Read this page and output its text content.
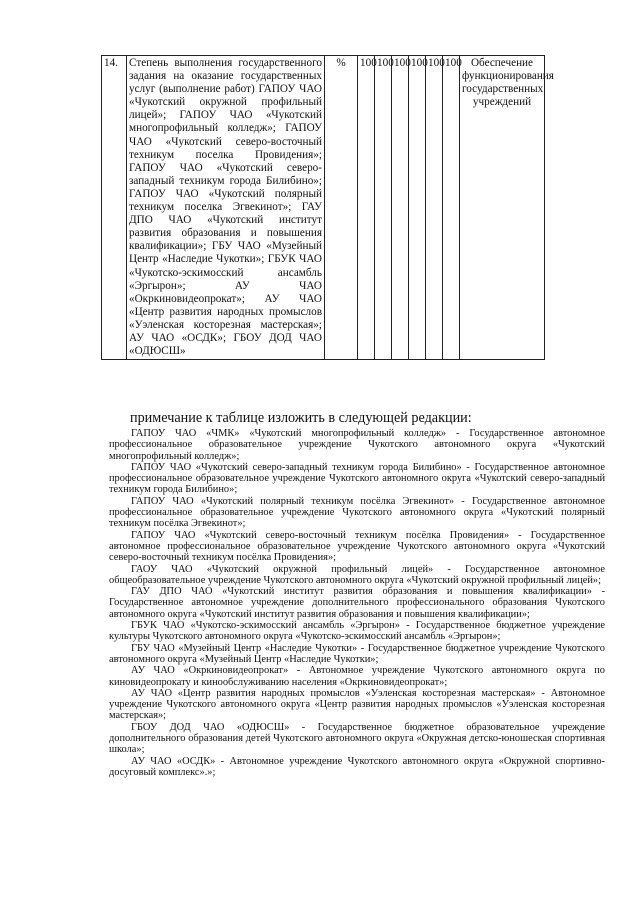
14.	Степень выполнения государственного задания на оказание государственных услуг (выполнение работ) ГАПОУ ЧАО «Чукотский окружной профильный лицей»; ГАПОУ ЧАО «Чукотский многопрофильный колледж»; ГАПОУ ЧАО «Чукотский северо-восточный техникум поселка Провидения»; ГАПОУ ЧАО «Чукотский северо-западный техникум города Билибино»; ГАПОУ ЧАО «Чукотский полярный техникум поселка Эгвекинот»; ГАУ ДПО ЧАО «Чукотский институт развития образования и повышения квалификации»; ГБУ ЧАО «Музейный Центр «Наследие Чукотки»; ГБУК ЧАО «Чукотско-эскимосский ансамбль «Эргырон»; АУ ЧАО «Окркиновидеопрокат»; АУ ЧАО «Центр развития народных промыслов «Уэленская косторезная мастерская»; АУ ЧАО «ОСДК»; ГБОУ ДОД ЧАО «ОДЮСШ»	%	100	100	100	100	100	100	Обеспечение функционирования государственных учреждений
примечание к таблице изложить в следующей редакции:

ГАПОУ ЧАО «ЧМК» «Чукотский многопрофильный колледж» - Государственное автономное профессиональное образовательное учреждение Чукотского автономного округа «Чукотский многопрофильный колледж»;

ГАПОУ ЧАО «Чукотский северо-западный техникум города Билибино» - Государственное автономное профессиональное образовательное учреждение Чукотского автономного округа «Чукотский северо-западный техникум города Билибино»;

ГАПОУ ЧАО «Чукотский полярный техникум посёлка Эгвекинот» - Государственное автономное профессиональное образовательное учреждение Чукотского автономного округа «Чукотский полярный техникум посёлка Эгвекинот»;

ГАПОУ ЧАО «Чукотский северо-восточный техникум посёлка Провидения» - Государственное автономное профессиональное образовательное учреждение Чукотского автономного округа «Чукотский северо-восточный техникум посёлка Провидения»;

ГАОУ ЧАО «Чукотский окружной профильный лицей» - Государственное автономное общеобразовательное учреждение Чукотского автономного округа «Чукотский окружной профильный лицей»;

ГАУ ДПО ЧАО «Чукотский институт развития образования и повышения квалификации» - Государственное автономное учреждение дополнительного профессионального образования Чукотского автономного округа «Чукотский институт развития образования и повышения квалификации»;

ГБУК ЧАО «Чукотско-эскимосский ансамбль «Эргырон» - Государственное бюджетное учреждение культуры Чукотского автономного округа «Чукотско-эскимосский ансамбль «Эргырон»;

ГБУ ЧАО «Музейный Центр «Наследие Чукотки» - Государственное бюджетное учреждение Чукотского автономного округа «Музейный Центр «Наследие Чукотки»;

АУ ЧАО «Окркиновидеопрокат» - Автономное учреждение Чукотского автономного округа по киновидеопрокату и кинообслуживанию населения «Окркиновидеопрокат»;

АУ ЧАО «Центр развития народных промыслов «Уэленская косторезная мастерская» - Автономное учреждение Чукотского автономного округа «Центр развития народных промыслов «Уэленская косторезная мастерская»;

ГБОУ ДОД ЧАО «ОДЮСШ» - Государственное бюджетное образовательное учреждение дополнительного образования детей Чукотского автономного округа «Окружная детско-юношеская спортивная школа»;

АУ ЧАО «ОСДК» - Автономное учреждение Чукотского автономного округа «Окружной спортивно-досуговый комплекс».»;
